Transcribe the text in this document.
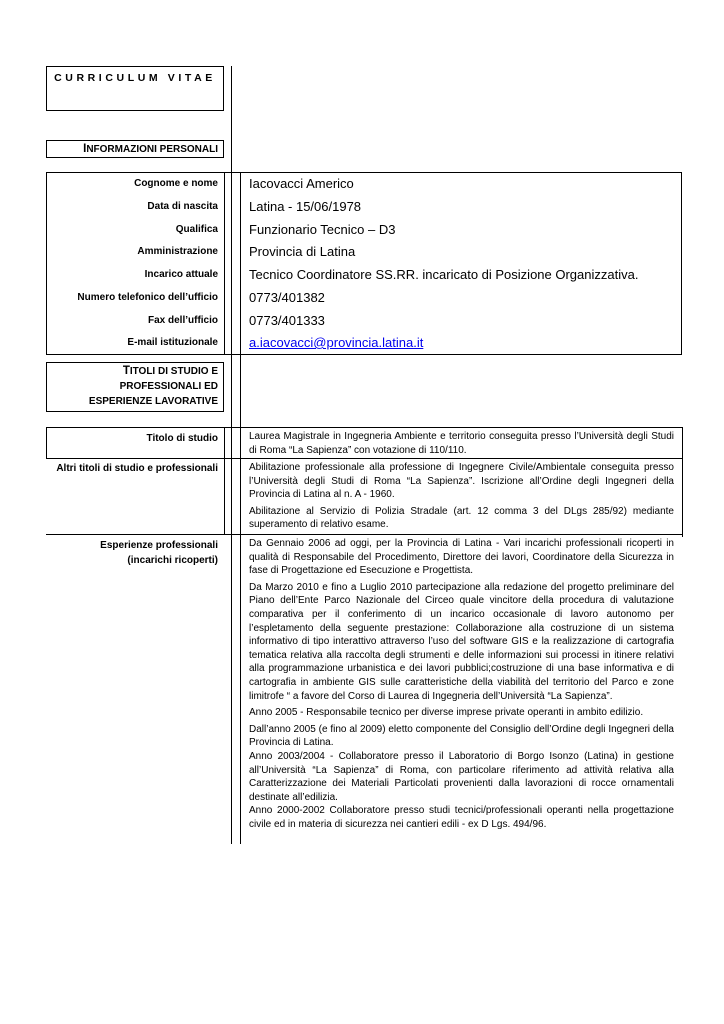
CURRICULUM VITAE
INFORMAZIONI PERSONALI
Cognome e nome Iacovacci Americo
Data di nascita Latina - 15/06/1978
Qualifica Funzionario Tecnico – D3
Amministrazione Provincia di Latina
Incarico attuale Tecnico Coordinatore SS.RR. incaricato di Posizione Organizzativa.
Numero telefonico dell’ufficio 0773/401382
Fax dell’ufficio 0773/401333
E-mail istituzionale a.iacovacci@provincia.latina.it
TITOLI DI STUDIO E
PROFESSIONALI ED
ESPERIENZE LAVORATIVE
Titolo di studio	Laurea Magistrale in Ingegneria Ambiente e territorio conseguita presso l’Università degli Studi di Roma “La Sapienza” con votazione di 110/110.

Altri titoli di studio e professionali	Abilitazione professionale alla professione di Ingegnere Civile/Ambientale conseguita presso l’Università degli Studi di Roma “La Sapienza”. Iscrizione all’Ordine degli Ingegneri della Provincia di Latina al n. A - 1960.

Abilitazione al Servizio di Polizia Stradale (art. 12 comma 3 del DLgs 285/92) mediante superamento di relativo esame.

Esperienze professionali
(incarichi ricoperti)

Da Gennaio 2006 ad oggi, per la Provincia di Latina - Vari incarichi professionali ricoperti in qualità di Responsabile del Procedimento, Direttore dei lavori, Coordinatore della Sicurezza in fase di Progettazione ed Esecuzione e Progettista.

Da Marzo 2010 e fino a Luglio 2010 partecipazione alla redazione del progetto preliminare del Piano dell’Ente Parco Nazionale del Circeo quale vincitore della procedura di valutazione comparativa per il conferimento di un incarico occasionale di lavoro autonomo per l’espletamento della seguente prestazione: Collaborazione alla costruzione di un sistema informativo di tipo interattivo attraverso l’uso del software GIS e la realizzazione di cartografia tematica relativa alla raccolta degli strumenti e delle informazioni sui processi in itinere relativi alla programmazione urbanistica e dei lavori pubblici;costruzione di una base informativa e di cartografia in ambiente GIS sulle caratteristiche della viabilità del territorio del Parco e zone limitrofe “ a favore del Corso di Laurea di Ingegneria dell’Università “La Sapienza”.

Anno 2005 - Responsabile tecnico per diverse imprese private operanti in ambito edilizio.

Dall’anno 2005 (e fino al 2009) eletto componente del Consiglio dell’Ordine degli Ingegneri della Provincia di Latina.

Anno 2003/2004 - Collaboratore presso il Laboratorio di Borgo Isonzo (Latina) in gestione all’Università “La Sapienza” di Roma, con particolare riferimento ad attività relativa alla Caratterizzazione dei Materiali Particolati provenienti dalla lavorazioni di rocce ornamentali destinate all’edilizia.

Anno 2000-2002 Collaboratore presso studi tecnici/professionali operanti nella progettazione civile ed in materia di sicurezza nei cantieri edili - ex D Lgs. 494/96.
